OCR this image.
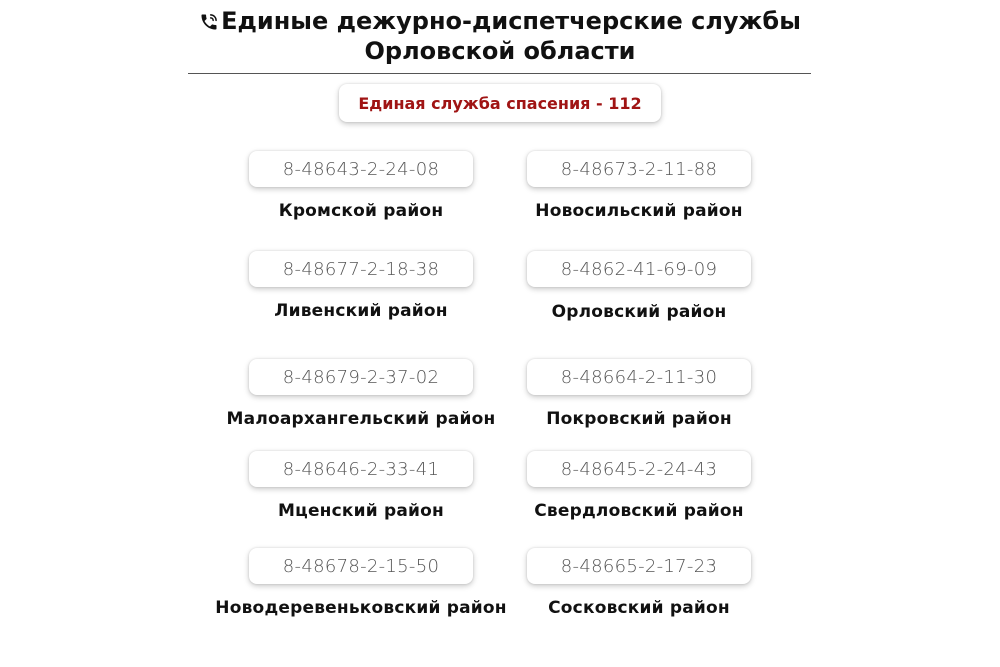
Единые дежурно-диспетчерские службы
Орловской области
Единая служба спасения - 112
8-48643-2-24-08
Кромской район
8-48677-2-18-38
Ливенский район
8-48679-2-37-02
Малоархангельский район
8-48646-2-33-41
Мценский район
8-48678-2-15-50
Новодеревеньковский район
8-48673-2-11-88
Новосильский район
8-4862-41-69-09
Орловский район
8-48664-2-11-30
Покровский район
8-48645-2-24-43
Свердловский район
8-48665-2-17-23
Сосковский район
